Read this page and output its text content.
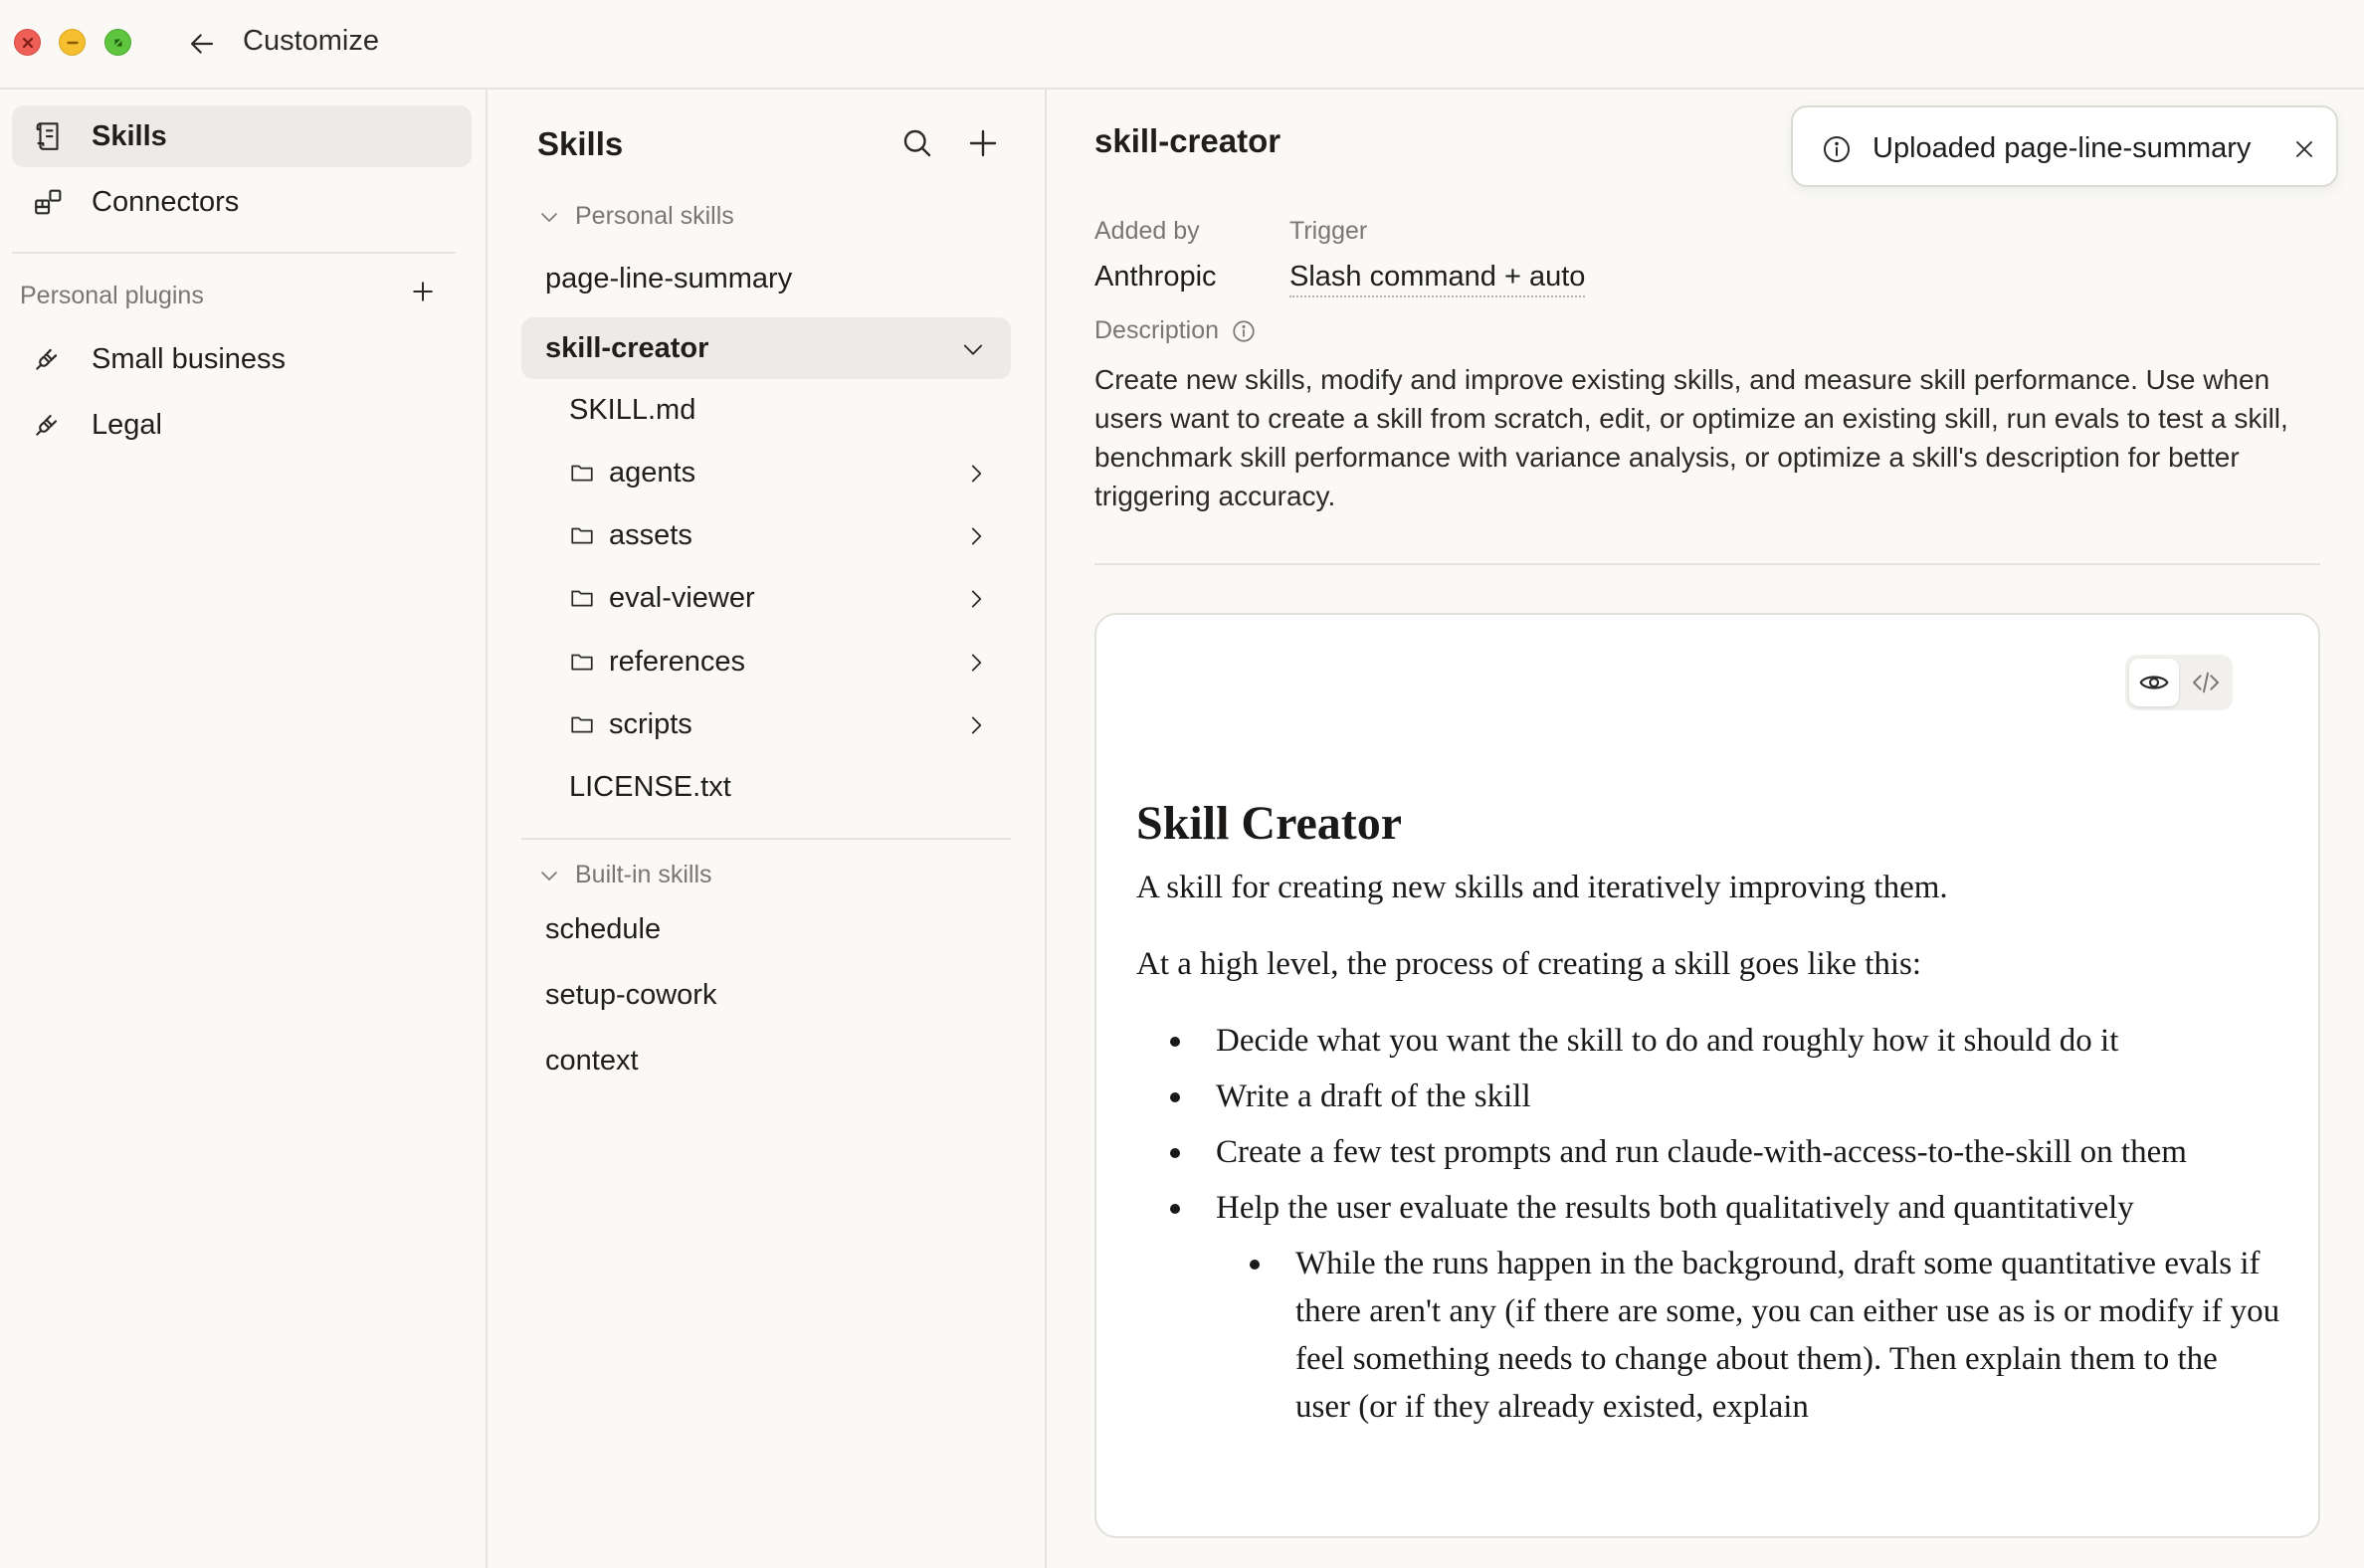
Customize
Skills
Connectors
Personal plugins
Small business
Legal
Skills
Personal skills
page-line-summary
skill-creator
SKILL.md
agents
assets
eval-viewer
references
scripts
LICENSE.txt
Built-in skills
schedule
setup-cowork
context
skill-creator	Uploaded page-line-summary
Added by	Trigger
Anthropic	Slash command + auto
Description

Create new skills, modify and improve existing skills, and measure skill performance. Use when users want to create a skill from scratch, edit, or optimize an existing skill, run evals to test a skill, benchmark skill performance with variance analysis, or optimize a skill's description for better triggering accuracy.

Skill Creator

A skill for creating new skills and iteratively improving them.

At a high level, the process of creating a skill goes like this:

Decide what you want the skill to do and roughly how it should do it
Write a draft of the skill
Create a few test prompts and run claude-with-access-to-the-skill on them
Help the user evaluate the results both qualitatively and quantitatively
While the runs happen in the background, draft some quantitative evals if there aren't any (if there are some, you can either use as is or modify if you feel something needs to change about them). Then explain them to the user (or if they already existed, explain
